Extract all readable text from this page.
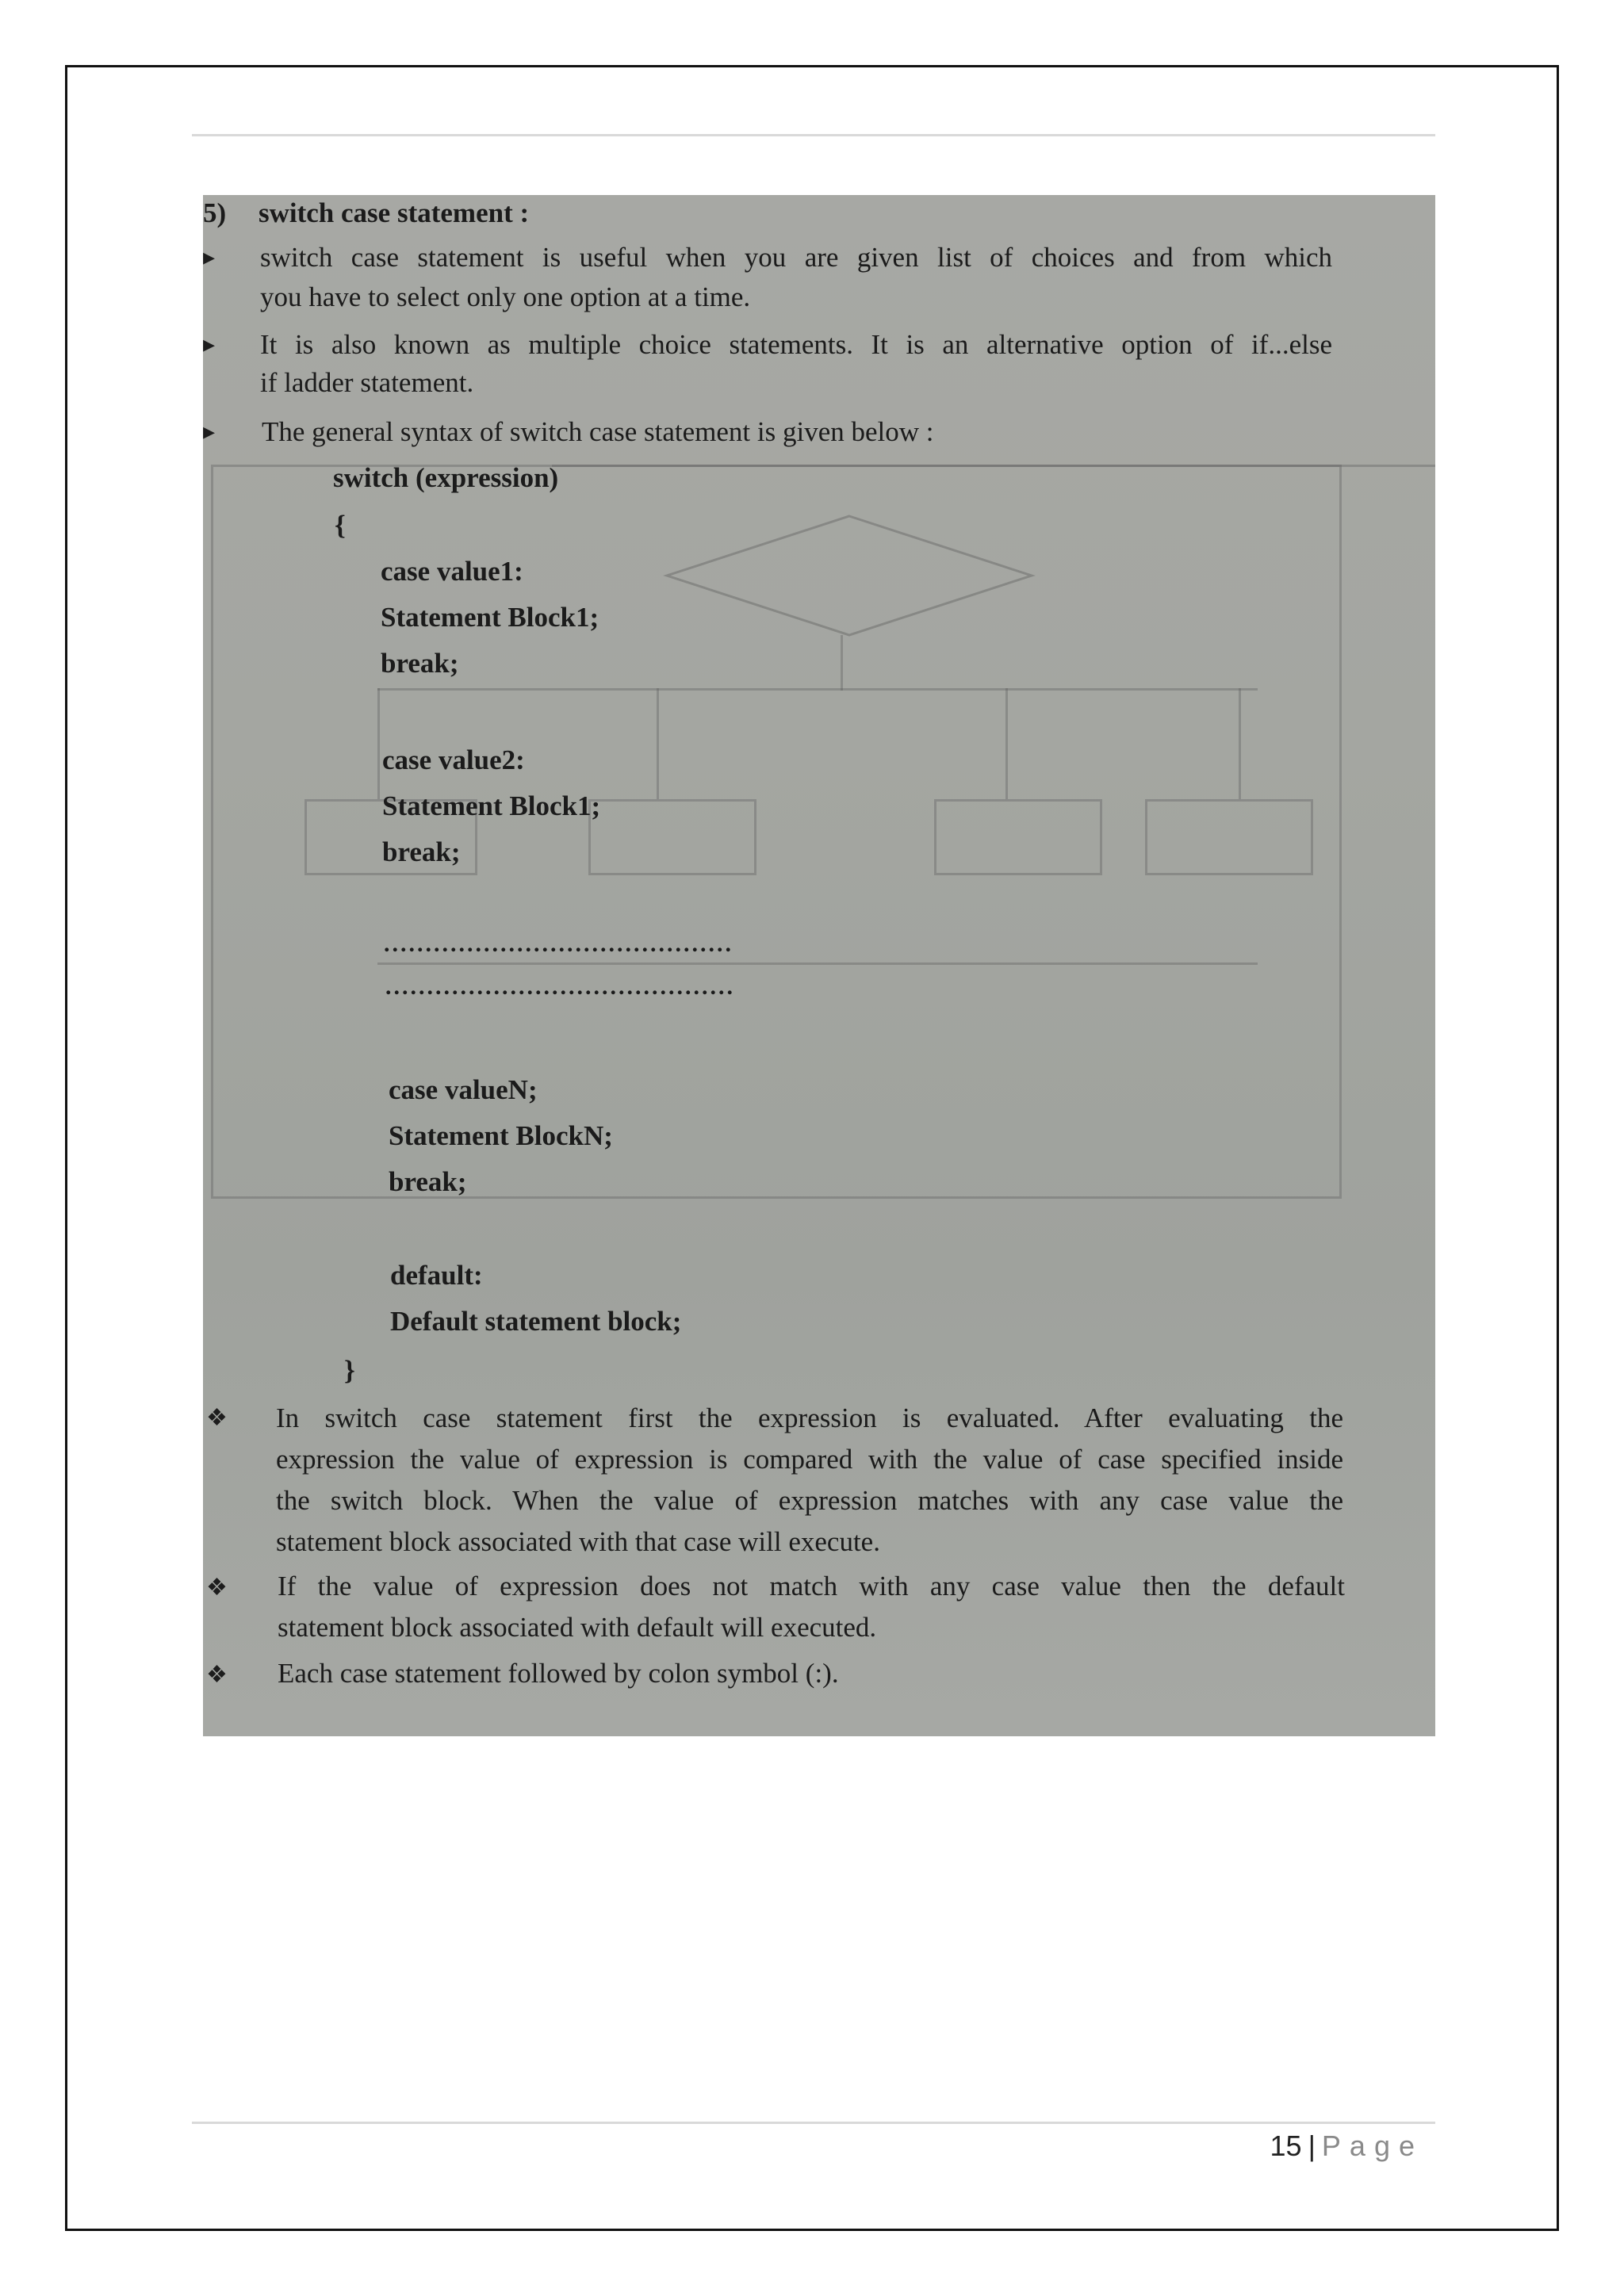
5) switch case statement :
▸ switch case statement is useful when you are given list of choices and from which
you have to select only one option at a time.
▸ It is also known as multiple choice statements. It is an alternative option of if...else
if ladder statement.
▸ The general syntax of switch case statement is given below :
switch (expression)
{
case value1:
Statement Block1;
break;
case value2:
Statement Block1;
break;
..........................................
..........................................
case valueN;
Statement BlockN;
break;
default:
Default statement block;
}
❖ In switch case statement first the expression is evaluated. After evaluating the
expression the value of expression is compared with the value of case specified inside
the switch block. When the value of expression matches with any case value the
statement block associated with that case will execute.
❖ If the value of expression does not match with any case value then the default
statement block associated with default will executed.
❖ Each case statement followed by colon symbol (:).
15 | Page
